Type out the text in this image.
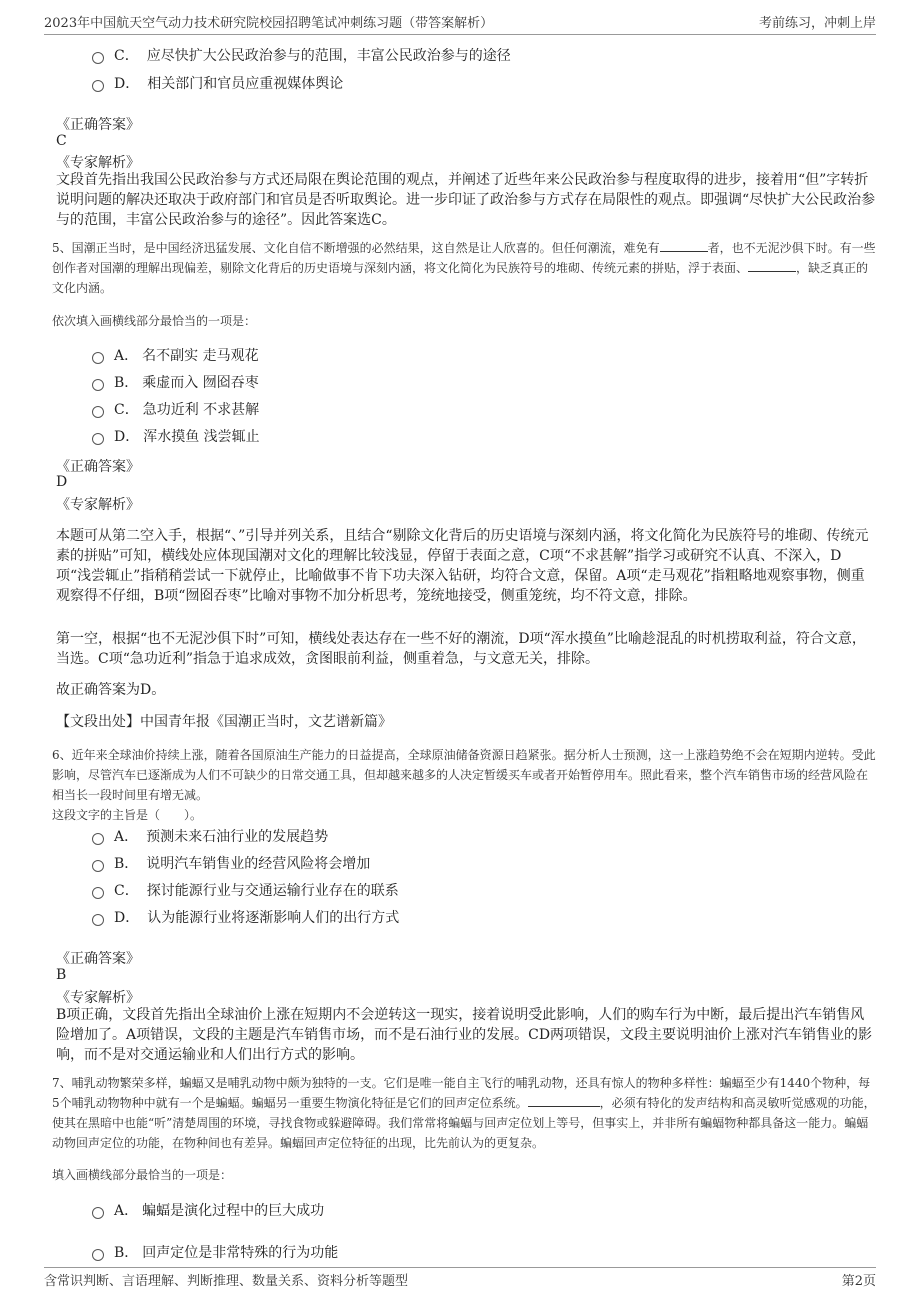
2023年中国航天空气动力技术研究院校园招聘笔试冲刺练习题（带答案解析）	考前练习，冲刺上岸
C． 应尽快扩大公民政治参与的范围，丰富公民政治参与的途径
D． 相关部门和官员应重视媒体舆论
《正确答案》
C
《专家解析》
文段首先指出我国公民政治参与方式还局限在舆论范围的观点，并阐述了近些年来公民政治参与程度取得的进步，接着用“但”字转折说明问题的解决还取决于政府部门和官员是否听取舆论。进一步印证了政治参与方式存在局限性的观点。即强调“尽快扩大公民政治参与的范围，丰富公民政治参与的途径”。因此答案选C。
5、国潮正当时，是中国经济迅猛发展、文化自信不断增强的必然结果，这自然是让人欣喜的。但任何潮流，难免有	者，也不无泥沙俱下时。有一些创作者对国潮的理解出现偏差，剔除文化背后的历史语境与深刻内涵，将文化简化为民族符号的堆砌、传统元素的拼贴，浮于表面、	，缺乏真正的文化内涵。
依次填入画横线部分最恰当的一项是：
A． 名不副实 走马观花
B． 乘虚而入 囫囵吞枣
C． 急功近利 不求甚解
D． 浑水摸鱼 浅尝辄止
《正确答案》
D
《专家解析》
本题可从第二空入手，根据“、”引导并列关系，且结合“剔除文化背后的历史语境与深刻内涵，将文化简化为民族符号的堆砌、传统元素的拼贴”可知，横线处应体现国潮对文化的理解比较浅显，停留于表面之意，C项“不求甚解”指学习或研究不认真、不深入，D项“浅尝辄止”指稍稍尝试一下就停止，比喻做事不肯下功夫深入钻研，均符合文意，保留。A项“走马观花”指粗略地观察事物，侧重观察得不仔细，B项“囫囵吞枣”比喻对事物不加分析思考，笼统地接受，侧重笼统，均不符文意，排除。
第一空，根据“也不无泥沙俱下时”可知，横线处表达存在一些不好的潮流，D项“浑水摸鱼”比喻趁混乱的时机捞取利益，符合文意，当选。C项“急功近利”指急于追求成效，贪图眼前利益，侧重着急，与文意无关，排除。
故正确答案为D。
【文段出处】中国青年报《国潮正当时，文艺谱新篇》
6、近年来全球油价持续上涨，随着各国原油生产能力的日益提高，全球原油储备资源日趋紧张。据分析人士预测，这一上涨趋势绝不会在短期内逆转。受此影响，尽管汽车已逐渐成为人们不可缺少的日常交通工具，但却越来越多的人决定暂缓买车或者开始暂停用车。照此看来，整个汽车销售市场的经营风险在相当长一段时间里有增无减。
这段文字的主旨是（　　）。
A． 预测未来石油行业的发展趋势
B． 说明汽车销售业的经营风险将会增加
C． 探讨能源行业与交通运输行业存在的联系
D． 认为能源行业将逐渐影响人们的出行方式
《正确答案》
B
《专家解析》
B项正确，文段首先指出全球油价上涨在短期内不会逆转这一现实，接着说明受此影响，人们的购车行为中断，最后提出汽车销售风险增加了。A项错误，文段的主题是汽车销售市场，而不是石油行业的发展。CD两项错误，文段主要说明油价上涨对汽车销售业的影响，而不是对交通运输业和人们出行方式的影响。
7、哺乳动物繁荣多样，蝙蝠又是哺乳动物中颇为独特的一支。它们是唯一能自主飞行的哺乳动物，还具有惊人的物种多样性：蝙蝠至少有1440个物种，每5个哺乳动物物种中就有一个是蝙蝠。蝙蝠另一重要生物演化特征是它们的回声定位系统。	，必须有特化的发声结构和高灵敏听觉感观的功能，使其在黑暗中也能“听”清楚周围的环境，寻找食物或躲避障碍。我们常常将蝙蝠与回声定位划上等号，但事实上，并非所有蝙蝠物种都具备这一能力。蝙蝠动物回声定位的功能，在物种间也有差异。蝙蝠回声定位特征的出现，比先前认为的更复杂。
填入画横线部分最恰当的一项是：
A． 蝙蝠是演化过程中的巨大成功
B． 回声定位是非常特殊的行为功能
含常识判断、言语理解、判断推理、数量关系、资料分析等题型	第2页
